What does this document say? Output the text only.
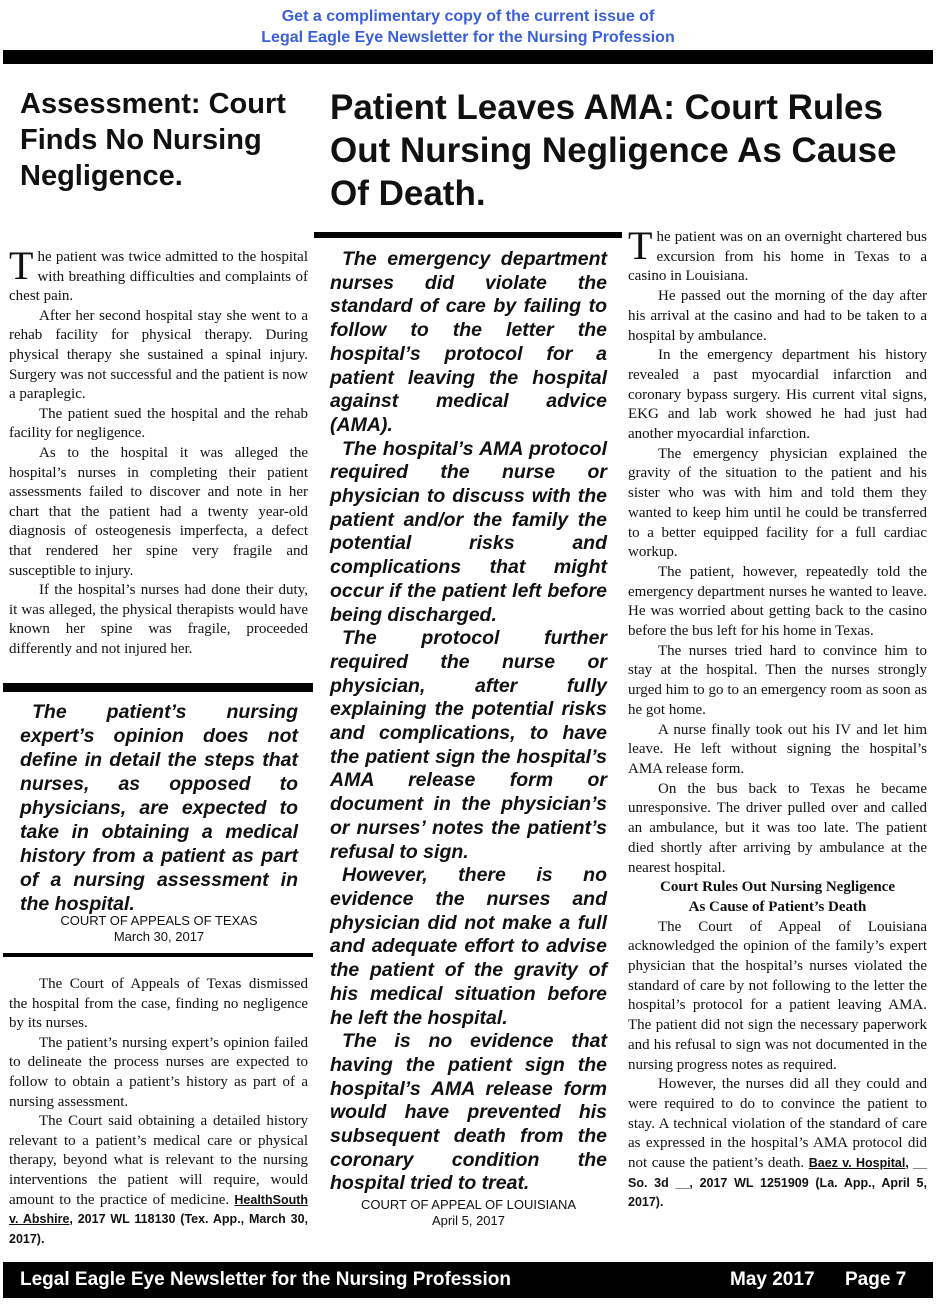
Get a complimentary copy of the current issue of
Legal Eagle Eye Newsletter for the Nursing Profession
Assessment: Court Finds No Nursing Negligence.
Patient Leaves AMA: Court Rules Out Nursing Negligence As Cause Of Death.

The patient was twice admitted to the hospital with breathing difficulties and complaints of chest pain.

After her second hospital stay she went to a rehab facility for physical therapy. During physical therapy she sustained a spinal injury. Surgery was not successful and the patient is now a paraplegic.

The patient sued the hospital and the rehab facility for negligence.

As to the hospital it was alleged the hospital’s nurses in completing their patient assessments failed to discover and note in her chart that the patient had a twenty year-old diagnosis of osteogenesis imperfecta, a defect that rendered her spine very fragile and susceptible to injury.

If the hospital’s nurses had done their duty, it was alleged, the physical therapists would have known her spine was fragile, proceeded differently and not injured her.

The patient’s nursing expert’s opinion does not define in detail the steps that nurses, as opposed to physicians, are expected to take in obtaining a medical history from a patient as part of a nursing assessment in the hospital.

COURT OF APPEALS OF TEXAS
March 30, 2017

The Court of Appeals of Texas dismissed the hospital from the case, finding no negligence by its nurses.

The patient’s nursing expert’s opinion failed to delineate the process nurses are expected to follow to obtain a patient’s history as part of a nursing assessment.

The Court said obtaining a detailed history relevant to a patient’s medical care or physical therapy, beyond what is relevant to the nursing interventions the patient will require, would amount to the practice of medicine. HealthSouth v. Abshire, 2017 WL 118130 (Tex. App., March 30, 2017).

The emergency department nurses did violate the standard of care by failing to follow to the letter the hospital’s protocol for a patient leaving the hospital against medical advice (AMA).

The hospital’s AMA protocol required the nurse or physician to discuss with the patient and/or the family the potential risks and complications that might occur if the patient left before being discharged.

The protocol further required the nurse or physician, after fully explaining the potential risks and complications, to have the patient sign the hospital’s AMA release form or document in the physician’s or nurses’ notes the patient’s refusal to sign.

However, there is no evidence the nurses and physician did not make a full and adequate effort to advise the patient of the gravity of his medical situation before he left the hospital.

The is no evidence that having the patient sign the hospital’s AMA release form would have prevented his subsequent death from the coronary condition the hospital tried to treat.

COURT OF APPEAL OF LOUISIANA
April 5, 2017

The patient was on an overnight chartered bus excursion from his home in Texas to a casino in Louisiana.

He passed out the morning of the day after his arrival at the casino and had to be taken to a hospital by ambulance.

In the emergency department his history revealed a past myocardial infarction and coronary bypass surgery. His current vital signs, EKG and lab work showed he had just had another myocardial infarction.

The emergency physician explained the gravity of the situation to the patient and his sister who was with him and told them they wanted to keep him until he could be transferred to a better equipped facility for a full cardiac workup.

The patient, however, repeatedly told the emergency department nurses he wanted to leave. He was worried about getting back to the casino before the bus left for his home in Texas.

The nurses tried hard to convince him to stay at the hospital. Then the nurses strongly urged him to go to an emergency room as soon as he got home.

A nurse finally took out his IV and let him leave. He left without signing the hospital’s AMA release form.

On the bus back to Texas he became unresponsive. The driver pulled over and called an ambulance, but it was too late. The patient died shortly after arriving by ambulance at the nearest hospital.

Court Rules Out Nursing Negligence
As Cause of Patient’s Death

The Court of Appeal of Louisiana acknowledged the opinion of the family’s expert physician that the hospital’s nurses violated the standard of care by not following to the letter the hospital’s protocol for a patient leaving AMA. The patient did not sign the necessary paperwork and his refusal to sign was not documented in the nursing progress notes as required.

However, the nurses did all they could and were required to do to convince the patient to stay. A technical violation of the standard of care as expressed in the hospital’s AMA protocol did not cause the patient’s death. Baez v. Hospital, __ So. 3d __, 2017 WL 1251909 (La. App., April 5, 2017).

Legal Eagle Eye Newsletter for the Nursing Profession	May 2017 Page 7
